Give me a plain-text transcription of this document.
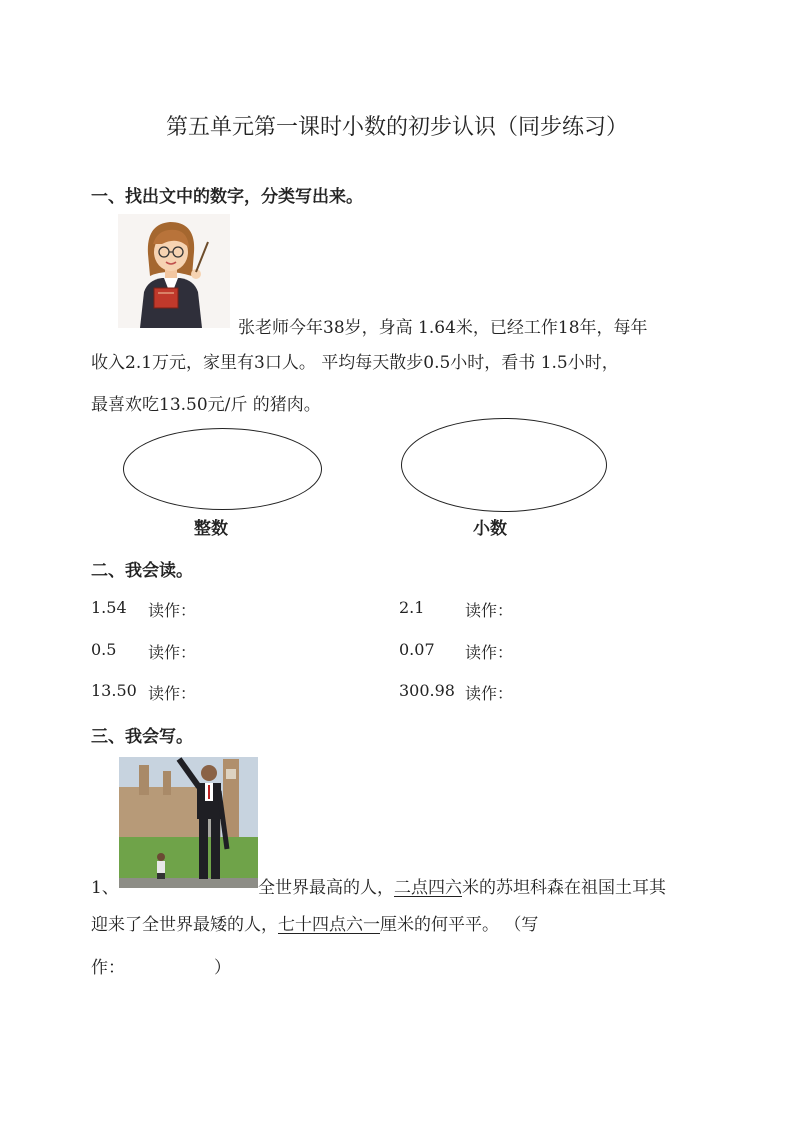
第五单元第一课时小数的初步认识（同步练习）
一、找出文中的数字，分类写出来。
张老师今年38岁，身高 1.64米，已经工作18年，每年
收入2.1万元，家里有3口人。 平均每天散步0.5小时，看书 1.5小时，
最喜欢吃13.50元/斤 的猪肉。
整数	小数
二、我会读。
1.54 读作：	2.1	读作：
0.5 读作：	0.07 读作：
13.50 读作：	300.98 读作：
三、我会写。
1、	全世界最高的人，二点四六米的苏坦科森在祖国土耳其
迎来了全世界最矮的人，七十四点六一厘米的何平平。 （写
作：	）
